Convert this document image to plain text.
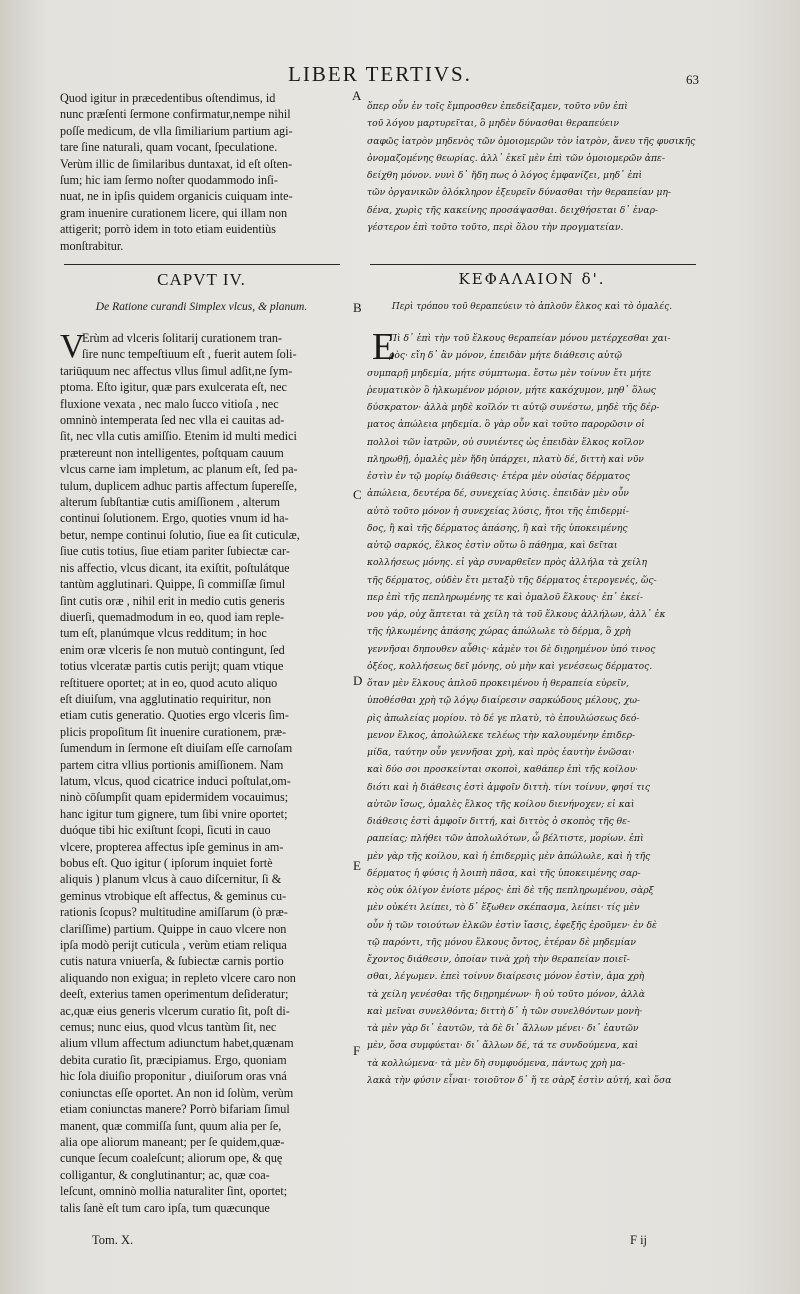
LIBER TERTIVS.	63
Quod igitur in præcedentibus oſtendimus, id
nunc præſenti ſermone confirmatur,nempe nihil
poſſe medicum, de vlla ſimiliarium partium agi-
tare ſine naturali, quam vocant, ſpeculatione.
Verùm illic de ſimilaribus duntaxat, id eſt oſten-
ſum; hic iam ſermo noſter quodammodo inſi-
nuat, ne in ipſis quidem organicis cuiquam inte-
gram inuenire curationem licere, qui illam non
attigerit; porrò idem in toto etiam euidentiùs
monſtrabitur.
ὅπερ οὖν ἐν τοῖς ἔμπροσθεν ἐπεδείξαμεν, τοῦτο νῦν ἐπὶ
τοῦ λόγου μαρτυρεῖται, ὃ μηδὲν δύνασθαι θεραπεύειν
σαφῶς ἰατρὸν μηδενὸς τῶν ὁμοιομερῶν τὸν ἰατρὸν, ἄνευ τῆς φυσικῆς
ὀνομαζομένης θεωρίας. ἀλλ᾽ ἐκεῖ μὲν ἐπὶ τῶν ὁμοιομερῶν ἀπε-
δείχθη μόνον. νυνὶ δ᾽ ἤδη πως ὁ λόγος ἐμφανίζει, μηδ᾽ ἐπὶ
τῶν ὀργανικῶν ὁλόκληρον ἐξευρεῖν δύνασθαι τὴν θεραπείαν μη-
δένα, χωρὶς τῆς κακείνης προσάψασθαι. δειχθήσεται δ᾽ ἐναρ-
γέστερον ἐπὶ τοῦτο τοῦτο, περὶ ὅλου τὴν προγματείαν.
CAPVT IV.	ΚΕΦΑΛΑΙΟΝ δ'.
De Ratione curandi Simplex vlcus, & planum.	Περὶ τρόπου τοῦ θεραπεύειν τὸ ἁπλοῦν ἕλκος καὶ τὸ ὁμαλές.
V	Ε
Erùm ad vlceris ſolitarij curationem tran-
ſire nunc tempeſtiuum eſt , fuerit autem ſoli-
tariūquum nec affectus vllus ſimul adſit,ne ſym-
ptoma. Eſto igitur, quæ pars exulcerata eſt, nec
fluxione vexata , nec malo ſucco vitioſa , nec
omninò intemperata ſed nec vlla ei cauitas ad-
ſit, nec vlla cutis amiſſio. Etenim id multi medici
prætereunt non intelligentes, poſtquam cauum
vlcus carne iam impletum, ac planum eſt, ſed pa-
tulum, duplicem adhuc partis affectum ſupereſſe,
alterum ſubſtantiæ cutis amiſſionem , alterum
continui ſolutionem. Ergo, quoties vnum id ha-
betur, nempe continui ſolutio, ſiue ea ſit cuticulæ,
ſiue cutis totius, ſiue etiam pariter ſubiectæ car-
nis affectio, vlcus dicant, ita exiſtit, poſtulátque
tantùm agglutinari. Quippe, ſi commiſſæ ſimul
ſint cutis oræ , nihil erit in medio cutis generis
diuerſi, quemadmodum in eo, quod iam reple-
tum eſt, planúmque vlcus redditum; in hoc
enim oræ vlceris ſe non mutuò contingunt, ſed
totius vlceratæ partis cutis perijt; quam vtique
reſtituere oportet; at in eo, quod acuto aliquo
eſt diuiſum, vna agglutinatio requiritur, non
etiam cutis generatio. Quoties ergo vlceris ſim-
plicis propoſitum ſit inuenire curationem, præ-
ſumendum in ſermone eſt diuiſam eſſe carnoſam
partem citra vllius portionis amiſſionem. Nam
latum, vlcus, quod cicatrice induci poſtulat,om-
ninò cōſumpſit quam epidermidem vocauimus;
hanc igitur tum gignere, tum ſibi vnire oportet;
duóque tibi hic exiſtunt ſcopi, ſicuti in cauo
vlcere, propterea affectus ipſe geminus in am-
bobus eſt. Quo igitur ( ipſorum inquiet fortè
aliquis ) planum vlcus à cauo diſcernitur, ſi &
geminus vtrobique eſt affectus, & geminus cu-
rationis ſcopus? multitudine amiſſarum (ò præ-
clariſſime) partium. Quippe in cauo vlcere non
ipſa modò perijt cuticula , verùm etiam reliqua
cutis natura vniuerſa, & ſubiectæ carnis portio
aliquando non exigua; in repleto vlcere caro non
deeſt, exterius tamen operimentum deſideratur;
ac,quæ eius generis vlcerum curatio ſit, poſt di-
cemus; nunc eius, quod vlcus tantùm ſit, nec
alium vllum affectum adiunctum habet,quænam
debita curatio ſit, præcipiamus. Ergo, quoniam
hic ſola diuiſio proponitur , diuiſorum oras vná
coniunctas eſſe oportet. An non id ſolùm, verùm
etiam coniunctas manere? Porrò bifariam ſimul
manent, quæ commiſſa ſunt, quum alia per ſe,
alia ope aliorum maneant; per ſe quidem,quæ-
cunque ſecum coaleſcunt; aliorum ope, & quę
colligantur, & conglutinantur; ac, quæ coa-
leſcunt, omninò mollia naturaliter ſint, oportet;
talis ſanè eſt tum caro ipſa, tum quæcunque
Πὶ δ᾽ ἐπὶ τὴν τοῦ ἕλκους θεραπείαν μόνου μετέρχεσθαι χαι-
ρὸς· εἴη δ᾽ ἂν μόνον, ἐπειδὰν μήτε διάθεσις αὐτῷ
συμπαρῇ μηδεμία, μήτε σύμπτωμα. ἔστω μὲν τοίνυν ἔτι μήτε
ῥευματικὸν ὃ ἡλκωμένον μόριον, μήτε κακόχυμον, μηθ᾽ ὅλως
δύσκρατον· ἀλλὰ μηδὲ κοῖλόν τι αὐτῷ συνέστω, μηδὲ τῆς δέρ-
ματος ἀπώλεια μηδεμία. ὃ γὰρ οὖν καὶ τοῦτο παρορῶσιν οἱ
πολλοὶ τῶν ἰατρῶν, οὐ συνιέντες ὡς ἐπειδὰν ἕλκος κοῖλον
πληρωθῇ, ὁμαλὲς μὲν ἤδη ὑπάρχει, πλατὺ δέ, διττὴ καὶ νῦν
ἐστὶν ἐν τῷ μορίῳ διάθεσις· ἑτέρα μὲν οὐσίας δέρματος
ἀπώλεια, δευτέρα δέ, συνεχείας λύσις. ἐπειδὰν μὲν οὖν
αὐτὸ τοῦτο μόνον ἡ συνεχείας λύσις, ἤτοι τῆς ἐπιδερμί-
δος, ἢ καὶ τῆς δέρματος ἁπάσης, ἢ καὶ τῆς ὑποκειμένης
αὐτῷ σαρκός, ἕλκος ἐστὶν οὕτω ὃ πάθημα, καὶ δεῖται
κολλήσεως μόνης. εἰ γὰρ συναρθεῖεν πρὸς ἀλλήλα τὰ χείλη
τῆς δέρματος, οὐδὲν ἔτι μεταξὺ τῆς δέρματος ἑτερογενές, ὥς-
περ ἐπὶ τῆς πεπληρωμένης τε καὶ ὁμαλοῦ ἕλκους· ἐπ᾽ ἐκεί-
νου γάρ, οὐχ ἅπτεται τὰ χείλη τὰ τοῦ ἕλκους ἀλλήλων, ἀλλ᾽ ἐκ
τῆς ἡλκωμένης ἁπάσης χώρας ἀπώλωλε τὸ δέρμα, ὃ χρὴ
γεννῆσαι δηπουθεν αὖθις· κἀμὲν τοι δὲ διῃρημένον ὑπό τινος
ὀξέος, κολλήσεως δεῖ μόνης, οὐ μὴν καὶ γενέσεως δέρματος.
ὅταν μὲν ἕλκους ἁπλοῦ προκειμένου ἡ θεραπεία εὑρεῖν,
ὑποθέσθαι χρὴ τῷ λόγῳ διαίρεσιν σαρκώδους μέλους, χω-
ρὶς ἀπωλείας μορίου. τὸ δέ γε πλατὺ, τὸ ἐπουλώσεως δεό-
μενον ἕλκος, ἀπολώλεκε τελέως τὴν καλουμένην ἐπιδερ-
μίδα, ταύτην οὖν γεννῆσαι χρὴ, καὶ πρὸς ἑαυτὴν ἑνῶσαι·
καὶ δύο σοι προσκείνται σκοποὶ, καθάπερ ἐπὶ τῆς κοίλου·
διότι καὶ ἡ διάθεσις ἐστὶ ἀμφοῖν διττὴ. τίνι τοίνυν, φησί τις
αὐτῶν ἴσως, ὁμαλὲς ἕλκος τῆς κοίλου διενήνοχεν; εἰ καὶ
διάθεσις ἐστὶ ἀμφοῖν διττή, καὶ διττὸς ὁ σκοπὸς τῆς θε-
ραπείας; πλήθει τῶν ἀπολωλότων, ὦ βέλτιστε, μορίων. ἐπὶ
μὲν γὰρ τῆς κοίλου, καὶ ἡ ἐπιδερμὶς μὲν ἀπώλωλε, καὶ ἡ τῆς
δέρματος ἡ φύσις ἡ λοιπὴ πᾶσα, καὶ τῆς ὑποκειμένης σαρ-
κὸς οὐκ ὀλίγον ἐνίοτε μέρος· ἐπὶ δὲ τῆς πεπληρωμένου, σὰρξ
μὲν οὐκέτι λείπει, τὸ δ᾽ ἔξωθεν σκέπασμα, λείπει· τίς μὲν
οὖν ἡ τῶν τοιούτων ἑλκῶν ἐστὶν ἴασις, ἐφεξῆς ἐροῦμεν· ἐν δὲ
τῷ παρόντι, τῆς μόνου ἕλκους ὄντος, ἑτέραν δὲ μηδεμίαν
ἔχοντος διάθεσιν, ὁποίαν τινὰ χρὴ τὴν θεραπείαν ποιεῖ-
σθαι, λέγωμεν. ἐπεὶ τοίνυν διαίρεσις μόνον ἐστὶν, ἀμα χρὴ
τὰ χείλη γενέσθαι τῆς διῃρημένων· ἢ οὐ τοῦτο μόνον, ἀλλὰ
καὶ μεῖναι συνελθόντα; διττὴ δ᾽ ἡ τῶν συνελθόντων μονὴ·
τὰ μὲν γὰρ δι᾽ ἑαυτῶν, τὰ δὲ δι᾽ ἄλλων μένει· δι᾽ ἑαυτῶν
μὲν, ὅσα συμφύεται· δι᾽ ἄλλων δέ, τά τε συνδούμενα, καὶ
τὰ κολλώμενα· τὰ μὲν δὴ συμφυόμενα, πάντως χρὴ μα-
λακὰ τὴν φύσιν εἶναι· τοιοῦτον δ᾽ ἥ τε σὰρξ ἐστὶν αὐτή, καὶ ὅσα
A
B
C
D
E
F
Tom. X.	F ij
